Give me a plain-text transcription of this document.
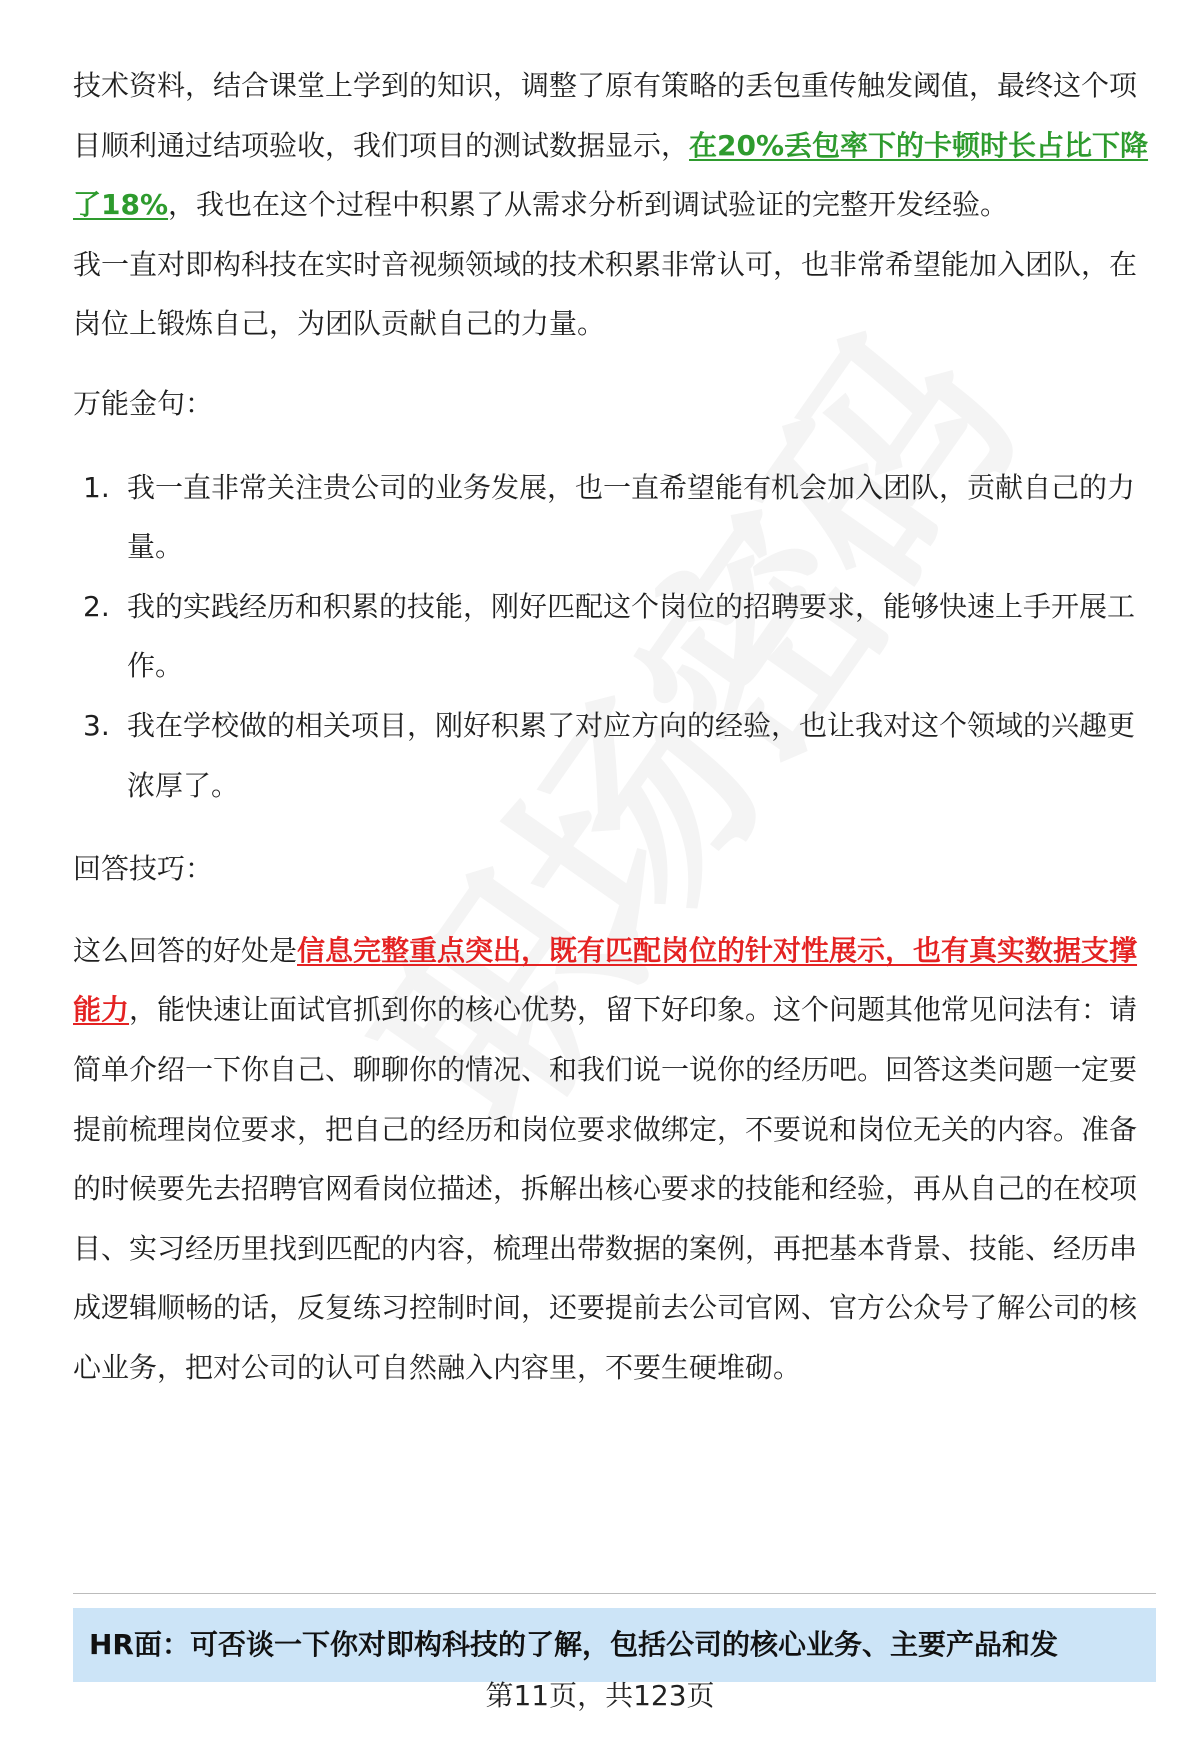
技术资料，结合课堂上学到的知识，调整了原有策略的丢包重传触发阈值，最终这个项目顺利通过结项验收，我们项目的测试数据显示，在20%丢包率下的卡顿时长占比下降了18%，我也在这个过程中积累了从需求分析到调试验证的完整开发经验。

我一直对即构科技在实时音视频领域的技术积累非常认可，也非常希望能加入团队，在岗位上锻炼自己，为团队贡献自己的力量。

万能金句：

1. 我一直非常关注贵公司的业务发展，也一直希望能有机会加入团队，贡献自己的力量。
2. 我的实践经历和积累的技能，刚好匹配这个岗位的招聘要求，能够快速上手开展工作。
3. 我在学校做的相关项目，刚好积累了对应方向的经验，也让我对这个领域的兴趣更浓厚了。

回答技巧：

这么回答的好处是信息完整重点突出，既有匹配岗位的针对性展示，也有真实数据支撑能力，能快速让面试官抓到你的核心优势，留下好印象。这个问题其他常见问法有：请简单介绍一下你自己、聊聊你的情况、和我们说一说你的经历吧。回答这类问题一定要提前梳理岗位要求，把自己的经历和岗位要求做绑定，不要说和岗位无关的内容。准备的时候要先去招聘官网看岗位描述，拆解出核心要求的技能和经验，再从自己的在校项目、实习经历里找到匹配的内容，梳理出带数据的案例，再把基本背景、技能、经历串成逻辑顺畅的话，反复练习控制时间，还要提前去公司官网、官方公众号了解公司的核心业务，把对公司的认可自然融入内容里，不要生硬堆砌。

HR面：可否谈一下你对即构科技的了解，包括公司的核心业务、主要产品和发
第11页，共123页
